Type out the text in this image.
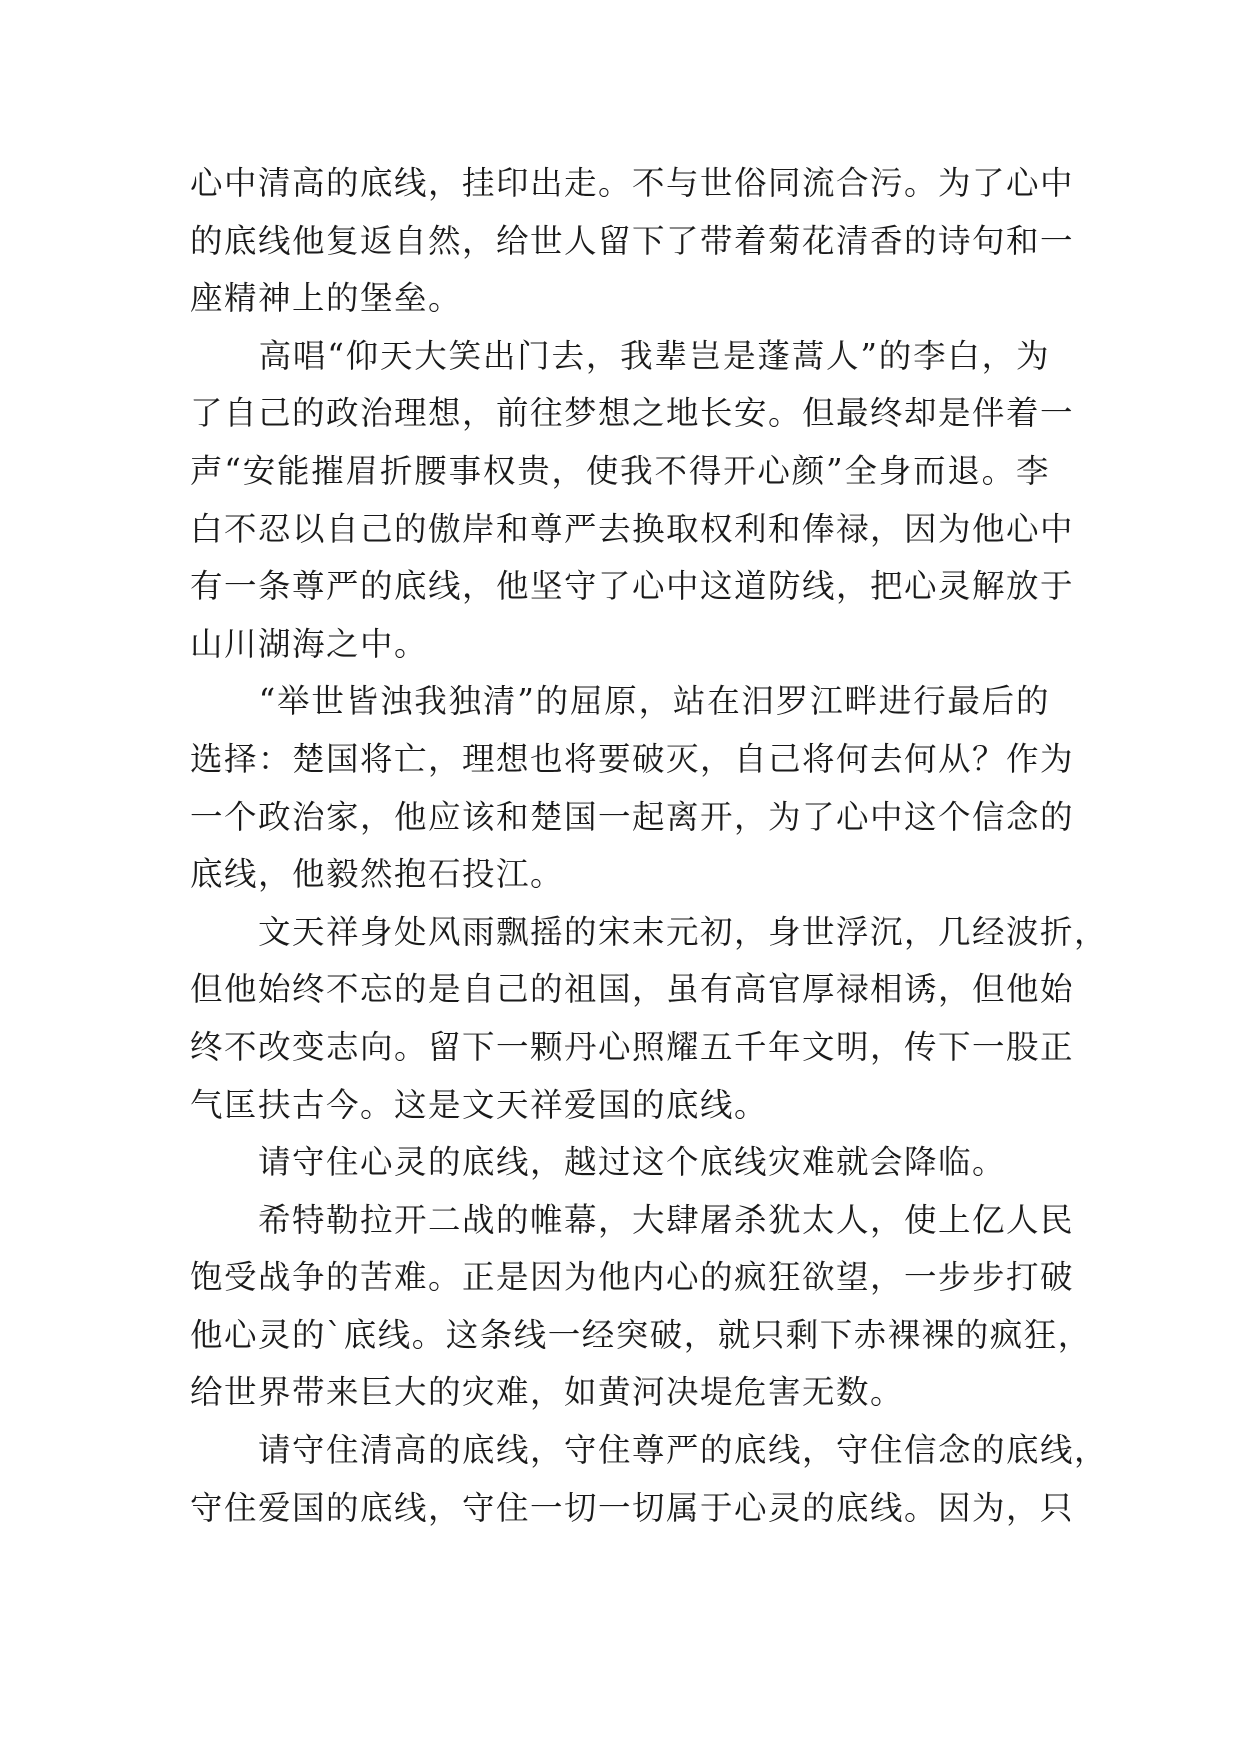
心中清高的底线，挂印出走。不与世俗同流合污。为了心中
的底线他复返自然，给世人留下了带着菊花清香的诗句和一
座精神上的堡垒。
　　高唱“仰天大笑出门去，我辈岂是蓬蒿人”的李白，为
了自己的政治理想，前往梦想之地长安。但最终却是伴着一
声“安能摧眉折腰事权贵，使我不得开心颜”全身而退。李
白不忍以自己的傲岸和尊严去换取权利和俸禄，因为他心中
有一条尊严的底线，他坚守了心中这道防线，把心灵解放于
山川湖海之中。
　　“举世皆浊我独清”的屈原，站在汨罗江畔进行最后的
选择：楚国将亡，理想也将要破灭，自己将何去何从？作为
一个政治家，他应该和楚国一起离开，为了心中这个信念的
底线，他毅然抱石投江。
　　文天祥身处风雨飘摇的宋末元初，身世浮沉，几经波折，
但他始终不忘的是自己的祖国，虽有高官厚禄相诱，但他始
终不改变志向。留下一颗丹心照耀五千年文明，传下一股正
气匡扶古今。这是文天祥爱国的底线。
　　请守住心灵的底线，越过这个底线灾难就会降临。
　　希特勒拉开二战的帷幕，大肆屠杀犹太人，使上亿人民
饱受战争的苦难。正是因为他内心的疯狂欲望，一步步打破
他心灵的`底线。这条线一经突破，就只剩下赤裸裸的疯狂，
给世界带来巨大的灾难，如黄河决堤危害无数。
　　请守住清高的底线，守住尊严的底线，守住信念的底线，
守住爱国的底线，守住一切一切属于心灵的底线。因为，只
